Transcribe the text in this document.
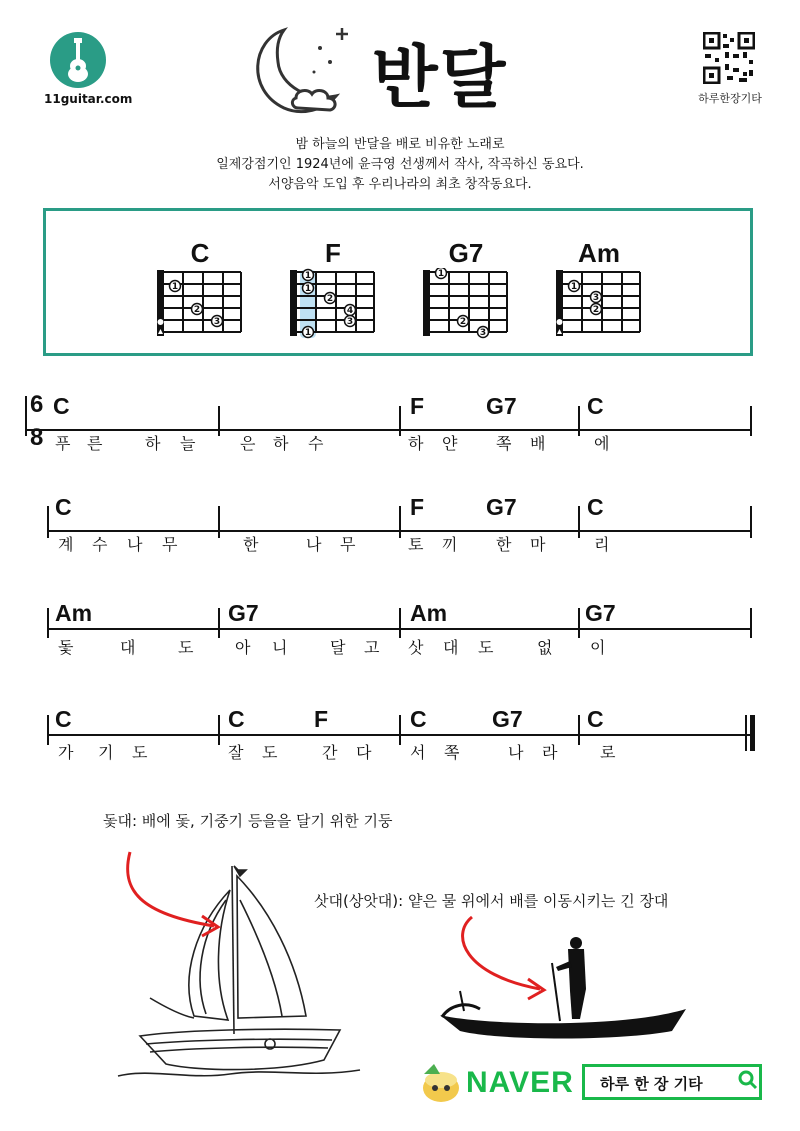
11guitar.com	반달	하루한장기타
밤 하늘의 반달을 배로 비유한 노래로
일제강점기인 1924년에 윤극영 선생께서 작사, 작곡하신 동요다.
서양음악 도입 후 우리나라의 최초 창작동요다.
C	F	G7	Am
1
2
3
1
1
2
4
3
1
1
2
3
1
3
2
6
8
C	F	G7	C
푸 른	하 늘	은 하 수	하 얀 쪽 배	에
C	F	G7	C
계 수 나 무	한	나 무	토 끼 한 마	리
Am	G7	Am	G7
돛	대	도	아 니	달 고 삿 대 도	없 이
C	C	F	C	G7	C
가 기 도	잘 도	간 다 서 쪽	나 라	로
돛대: 배에 돛, 기중기 등을을 달기 위한 기둥
삿대(상앗대): 얕은 물 위에서 배를 이동시키는 긴 장대
NAVER 하루 한 장 기타
